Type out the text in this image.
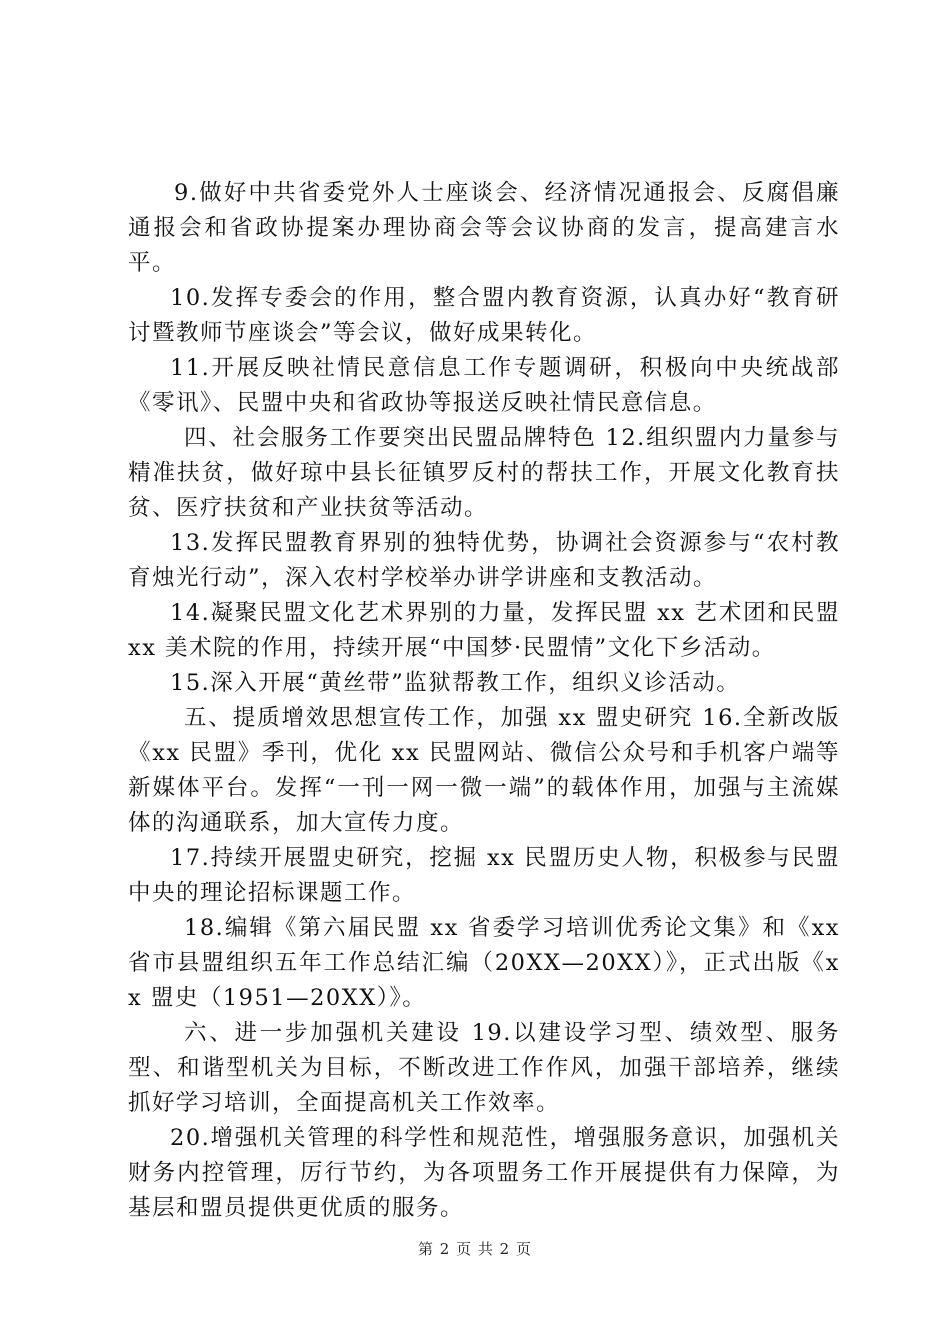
9.做好中共省委党外人士座谈会、经济情况通报会、反腐倡廉通报会和省政协提案办理协商会等会议协商的发言，提高建言水平。

10.发挥专委会的作用，整合盟内教育资源，认真办好“教育研讨暨教师节座谈会”等会议，做好成果转化。

11.开展反映社情民意信息工作专题调研，积极向中央统战部《零讯》、民盟中央和省政协等报送反映社情民意信息。

四、社会服务工作要突出民盟品牌特色 12.组织盟内力量参与精准扶贫，做好琼中县长征镇罗反村的帮扶工作，开展文化教育扶贫、医疗扶贫和产业扶贫等活动。

13.发挥民盟教育界别的独特优势，协调社会资源参与“农村教育烛光行动”，深入农村学校举办讲学讲座和支教活动。

14.凝聚民盟文化艺术界别的力量，发挥民盟 xx 艺术团和民盟 xx 美术院的作用，持续开展“中国梦·民盟情”文化下乡活动。

15.深入开展“黄丝带”监狱帮教工作，组织义诊活动。

五、提质增效思想宣传工作，加强 xx 盟史研究 16.全新改版《xx 民盟》季刊，优化 xx 民盟网站、微信公众号和手机客户端等新媒体平台。发挥“一刊一网一微一端”的载体作用，加强与主流媒体的沟通联系，加大宣传力度。

17.持续开展盟史研究，挖掘 xx 民盟历史人物，积极参与民盟中央的理论招标课题工作。

18.编辑《第六届民盟 xx 省委学习培训优秀论文集》和《xx 省市县盟组织五年工作总结汇编（20XX—20XX）》，正式出版《xx 盟史（1951—20XX）》。

六、进一步加强机关建设 19.以建设学习型、绩效型、服务型、和谐型机关为目标，不断改进工作作风，加强干部培养，继续抓好学习培训，全面提高机关工作效率。

20.增强机关管理的科学性和规范性，增强服务意识，加强机关财务内控管理，厉行节约，为各项盟务工作开展提供有力保障，为基层和盟员提供更优质的服务。

第 2 页 共 2 页
